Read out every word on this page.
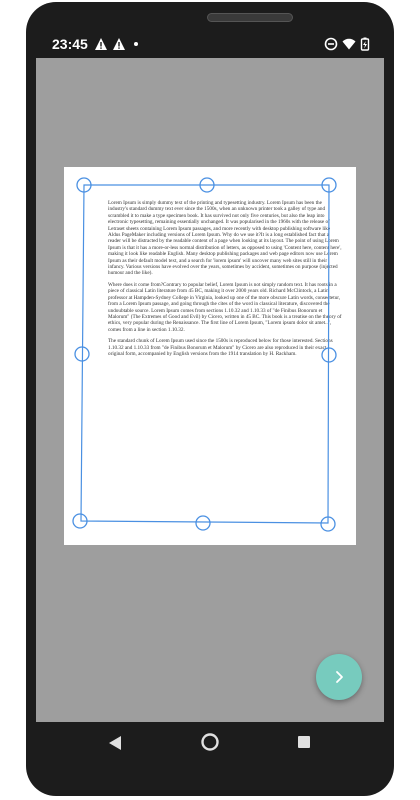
23:45

Lorem Ipsum is simply dummy text of the printing and typesetting industry. Lorem Ipsum has been the industry's standard dummy text ever since the 1500s, when an unknown printer took a galley of type and scrambled it to make a type specimen book. It has survived not only five centuries, but also the leap into electronic typesetting, remaining essentially unchanged. It was popularised in the 1960s with the release of Letraset sheets containing Lorem Ipsum passages, and more recently with desktop publishing software like Aldus PageMaker including versions of Lorem Ipsum. Why do we use it?It is a long established fact that a reader will be distracted by the readable content of a page when looking at its layout. The point of using Lorem Ipsum is that it has a more-or-less normal distribution of letters, as opposed to using 'Content here, content here', making it look like readable English. Many desktop publishing packages and web page editors now use Lorem Ipsum as their default model text, and a search for 'lorem ipsum' will uncover many web sites still in their infancy. Various versions have evolved over the years, sometimes by accident, sometimes on purpose (injected humour and the like).

Where does it come from?Contrary to popular belief, Lorem Ipsum is not simply random text. It has roots in a piece of classical Latin literature from 45 BC, making it over 2000 years old. Richard McClintock, a Latin professor at Hampden-Sydney College in Virginia, looked up one of the more obscure Latin words, consectetur, from a Lorem Ipsum passage, and going through the cites of the word in classical literature, discovered the undoubtable source. Lorem Ipsum comes from sections 1.10.32 and 1.10.33 of "de Finibus Bonorum et Malorum" (The Extremes of Good and Evil) by Cicero, written in 45 BC. This book is a treatise on the theory of ethics, very popular during the Renaissance. The first line of Lorem Ipsum, "Lorem ipsum dolor sit amet..", comes from a line in section 1.10.32.

The standard chunk of Lorem Ipsum used since the 1500s is reproduced below for those interested. Sections 1.10.32 and 1.10.33 from "de Finibus Bonorum et Malorum" by Cicero are also reproduced in their exact original form, accompanied by English versions from the 1914 translation by H. Rackham.
